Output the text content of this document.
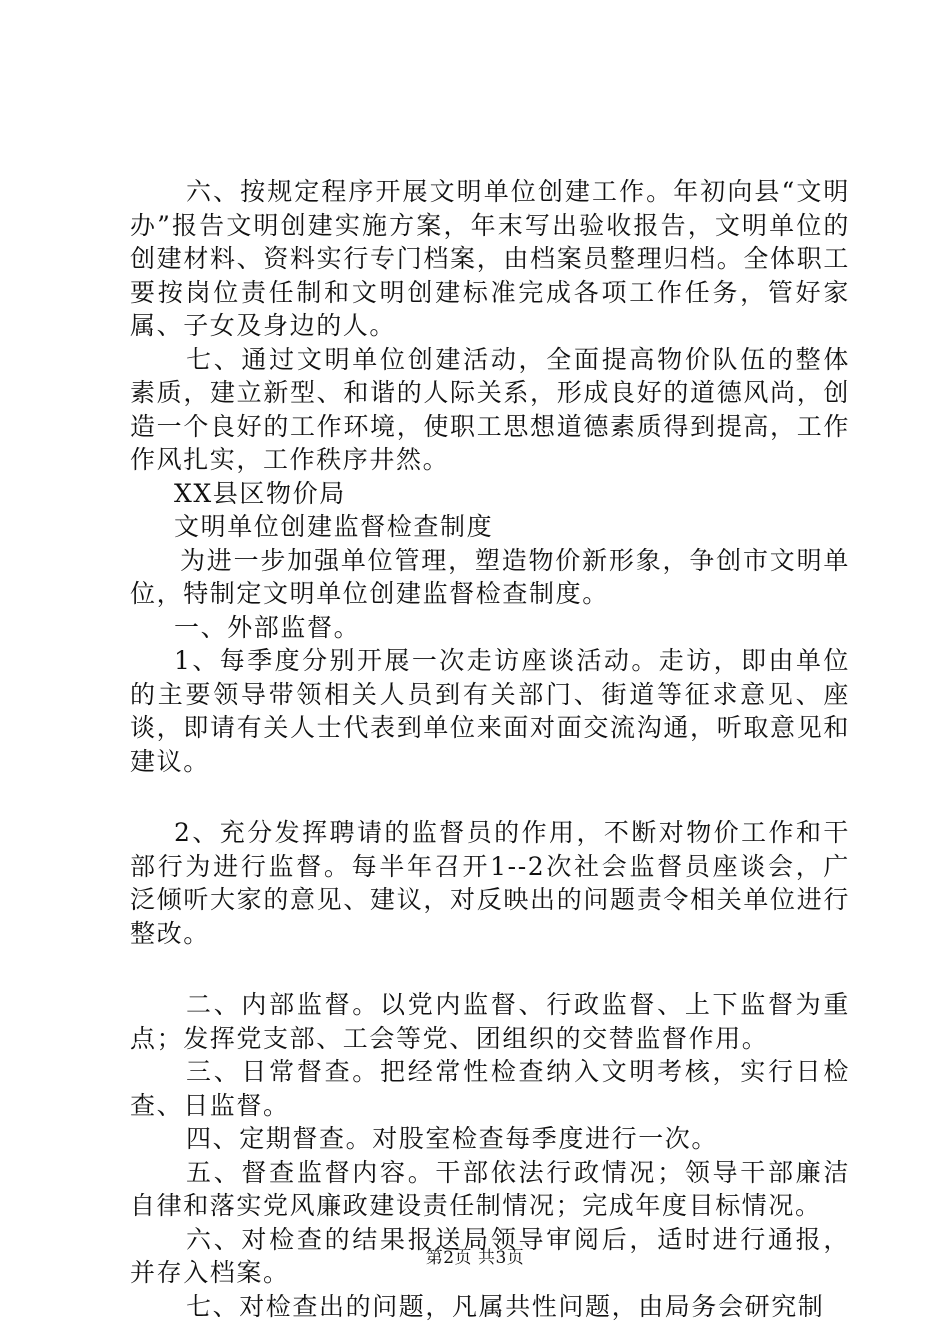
六、按规定程序开展文明单位创建工作。年初向县“文明办”报告文明创建实施方案，年末写出验收报告，文明单位的创建材料、资料实行专门档案，由档案员整理归档。全体职工要按岗位责任制和文明创建标准完成各项工作任务，管好家属、子女及身边的人。

七、通过文明单位创建活动，全面提高物价队伍的整体素质，建立新型、和谐的人际关系，形成良好的道德风尚，创造一个良好的工作环境，使职工思想道德素质得到提高，工作作风扎实，工作秩序井然。

XX县区物价局

文明单位创建监督检查制度

为进一步加强单位管理，塑造物价新形象，争创市文明单位，特制定文明单位创建监督检查制度。

一、外部监督。

1、每季度分别开展一次走访座谈活动。走访，即由单位的主要领导带领相关人员到有关部门、街道等征求意见、座谈，即请有关人士代表到单位来面对面交流沟通，听取意见和建议。

2、充分发挥聘请的监督员的作用，不断对物价工作和干部行为进行监督。每半年召开1--2次社会监督员座谈会，广泛倾听大家的意见、建议，对反映出的问题责令相关单位进行整改。

二、内部监督。以党内监督、行政监督、上下监督为重点；发挥党支部、工会等党、团组织的交替监督作用。

三、日常督查。把经常性检查纳入文明考核，实行日检查、日监督。

四、定期督查。对股室检查每季度进行一次。

五、督查监督内容。干部依法行政情况；领导干部廉洁自律和落实党风廉政建设责任制情况；完成年度目标情况。

六、对检查的结果报送局领导审阅后，适时进行通报，并存入档案。

七、对检查出的问题，凡属共性问题，由局务会研究制

第2页 共3页
